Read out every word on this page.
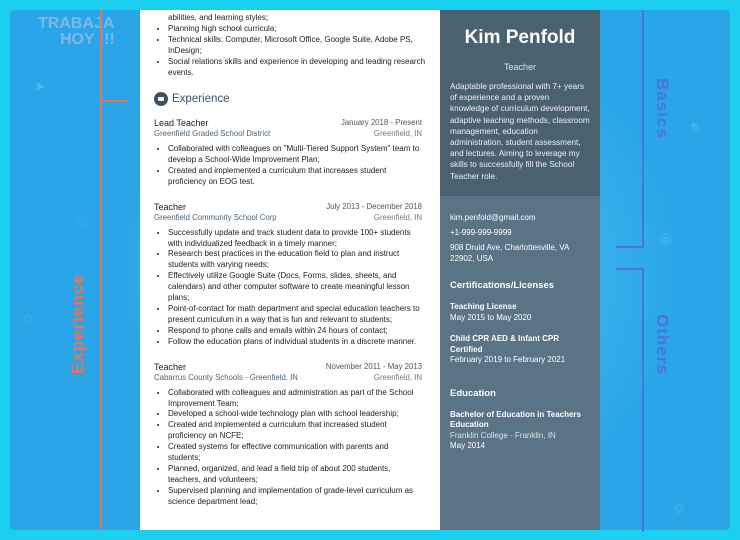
➤
☆
♡
✎
◎
☺
TRABAJA
HOY !!!
Experience
Basics
Others
abilities, and learning styles;
• Planning high school curricula;
• Technical skills: Computer, Microsoft Office, Google Suite, Adobe PS, InDesign;
• Social relations skills and experience in developing and leading research events.
Experience
Lead Teacher	January 2018 - Present
Greenfield Graded School District	Greenfield, IN
• Collaborated with colleagues on "Multi-Tiered Support System" team to develop a School-Wide Improvement Plan;
• Created and implemented a curriculum that increases student proficiency on EOG test.
Teacher	July 2013 - December 2018
Greenfield Community School Corp	Greenfield, IN
• Successfully update and track student data to provide 100+ students with individualized feedback in a timely manner;
• Research best practices in the education field to plan and instruct students with varying needs;
• Effectively utilize Google Suite (Docs, Forms, slides, sheets, and calendars) and other computer software to create meaningful lesson plans;
• Point-of-contact for math department and special education teachers to present curriculum in a way that is fun and relevant to students;
• Respond to phone calls and emails within 24 hours of contact;
• Follow the education plans of individual students in a discrete manner.
Teacher	November 2011 - May 2013
Cabarrus County Schools - Greenfield, IN	Greenfield, IN
• Collaborated with colleagues and administration as part of the School Improvement Team;
• Developed a school-wide technology plan with school leadership;
• Created and implemented a curriculum that increased student proficiency on NCFE;
• Created systems for effective communication with parents and students;
• Planned, organized, and lead a field trip of about 200 students, teachers, and volunteers;
• Supervised planning and implementation of grade-level curriculum as science department lead;
Kim Penfold
Teacher
Adaptable professional with 7+ years of experience and a proven knowledge of curriculum development, adaptive teaching methods, classroom management, education administration, student assessment, and lectures. Aiming to leverage my skills to successfully fill the School Teacher role.
kim.penfold@gmail.com
+1-999-999-9999
908 Druid Ave, Charlottesville, VA 22902, USA
Certifications/Licenses
Teaching License
May 2015 to May 2020
Child CPR AED & Infant CPR Certified
February 2019 to February 2021
Education
Bachelor of Education in Teachers Education
Franklin College - Franklin, IN
May 2014
